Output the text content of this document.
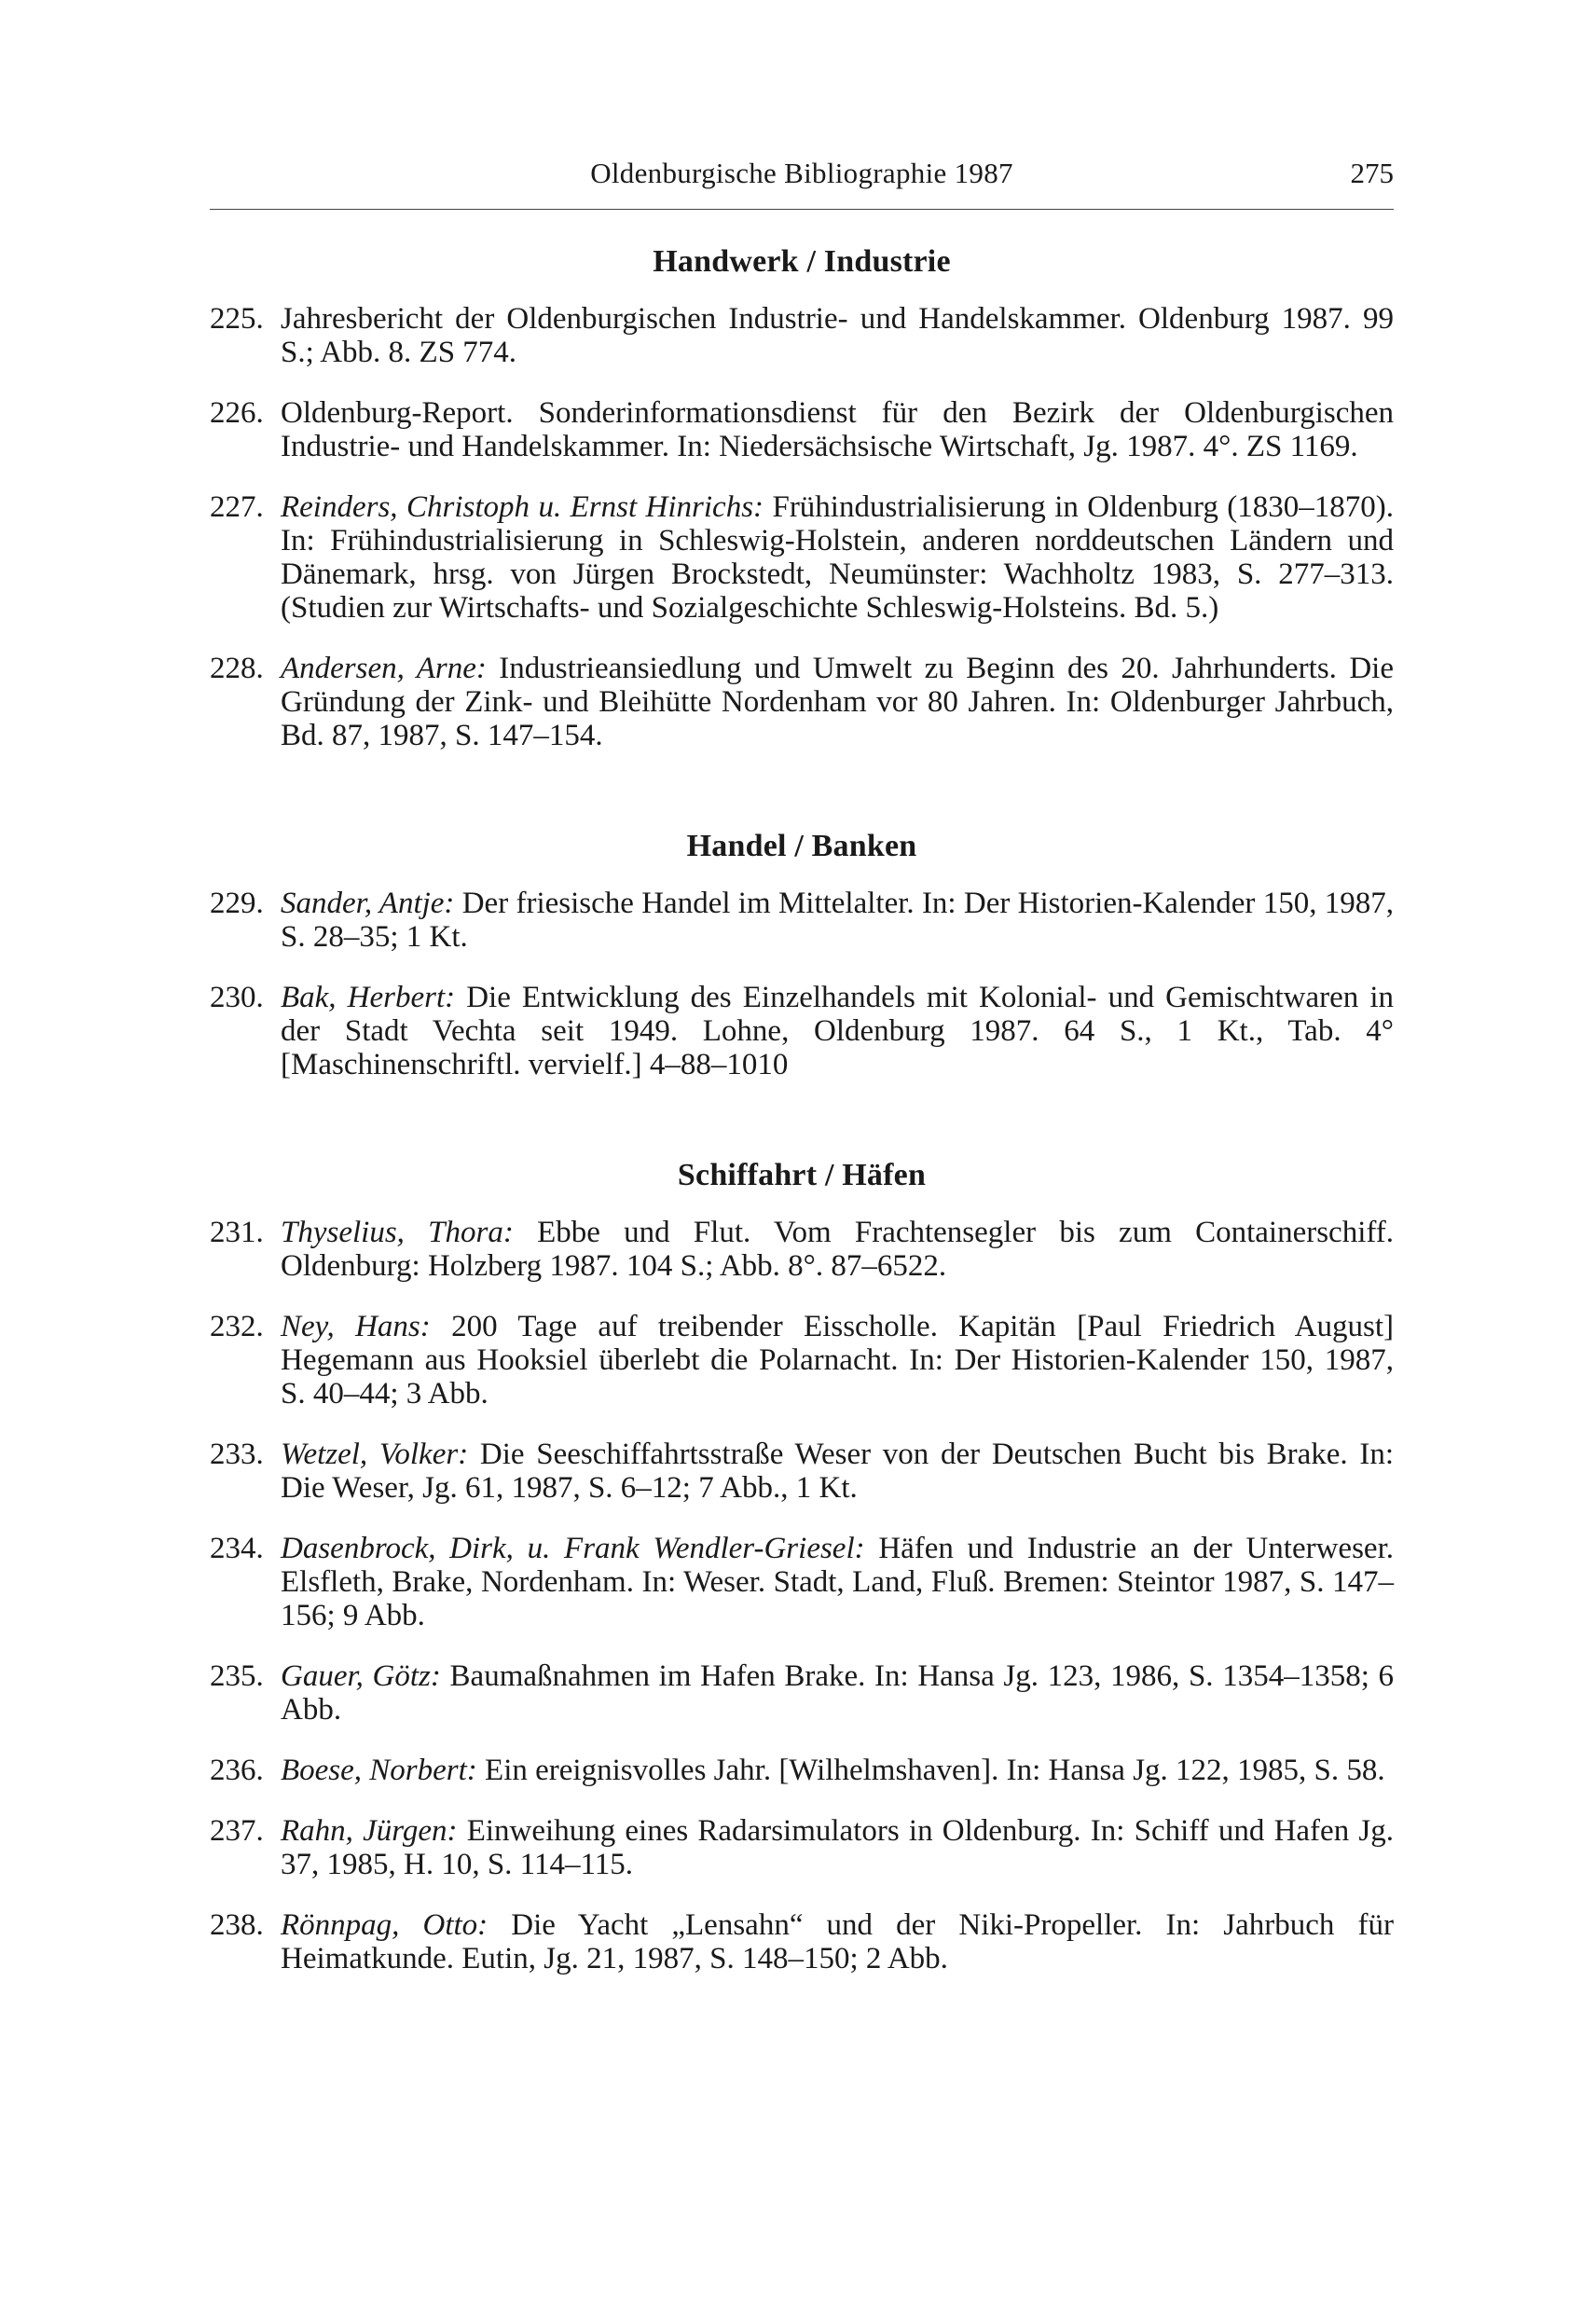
Oldenburgische Bibliographie 1987	275
Handwerk / Industrie
225. Jahresbericht der Oldenburgischen Industrie- und Handelskammer. Oldenburg 1987. 99 S.; Abb. 8. ZS 774.
226. Oldenburg-Report. Sonderinformationsdienst für den Bezirk der Oldenburgischen Industrie- und Handelskammer. In: Niedersächsische Wirtschaft, Jg. 1987. 4°. ZS 1169.
227. Reinders, Christoph u. Ernst Hinrichs: Frühindustrialisierung in Oldenburg (1830–1870). In: Frühindustrialisierung in Schleswig-Holstein, anderen norddeutschen Ländern und Dänemark, hrsg. von Jürgen Brockstedt, Neumünster: Wachholtz 1983, S. 277–313. (Studien zur Wirtschafts- und Sozialgeschichte Schleswig-Holsteins. Bd. 5.)
228. Andersen, Arne: Industrieansiedlung und Umwelt zu Beginn des 20. Jahrhunderts. Die Gründung der Zink- und Bleihütte Nordenham vor 80 Jahren. In: Oldenburger Jahrbuch, Bd. 87, 1987, S. 147–154.
Handel / Banken
229. Sander, Antje: Der friesische Handel im Mittelalter. In: Der Historien-Kalender 150, 1987, S. 28–35; 1 Kt.
230. Bak, Herbert: Die Entwicklung des Einzelhandels mit Kolonial- und Gemischtwaren in der Stadt Vechta seit 1949. Lohne, Oldenburg 1987. 64 S., 1 Kt., Tab. 4° [Maschinenschriftl. vervielf.] 4–88–1010
Schiffahrt / Häfen
231. Thyselius, Thora: Ebbe und Flut. Vom Frachtensegler bis zum Containerschiff. Oldenburg: Holzberg 1987. 104 S.; Abb. 8°. 87–6522.
232. Ney, Hans: 200 Tage auf treibender Eisscholle. Kapitän [Paul Friedrich August] Hegemann aus Hooksiel überlebt die Polarnacht. In: Der Historien-Kalender 150, 1987, S. 40–44; 3 Abb.
233. Wetzel, Volker: Die Seeschiffahrtsstraße Weser von der Deutschen Bucht bis Brake. In: Die Weser, Jg. 61, 1987, S. 6–12; 7 Abb., 1 Kt.
234. Dasenbrock, Dirk, u. Frank Wendler-Griesel: Häfen und Industrie an der Unterweser. Elsfleth, Brake, Nordenham. In: Weser. Stadt, Land, Fluß. Bremen: Steintor 1987, S. 147–156; 9 Abb.
235. Gauer, Götz: Baumaßnahmen im Hafen Brake. In: Hansa Jg. 123, 1986, S. 1354–1358; 6 Abb.
236. Boese, Norbert: Ein ereignisvolles Jahr. [Wilhelmshaven]. In: Hansa Jg. 122, 1985, S. 58.
237. Rahn, Jürgen: Einweihung eines Radarsimulators in Oldenburg. In: Schiff und Hafen Jg. 37, 1985, H. 10, S. 114–115.
238. Rönnpag, Otto: Die Yacht „Lensahn“ und der Niki-Propeller. In: Jahrbuch für Heimatkunde. Eutin, Jg. 21, 1987, S. 148–150; 2 Abb.
